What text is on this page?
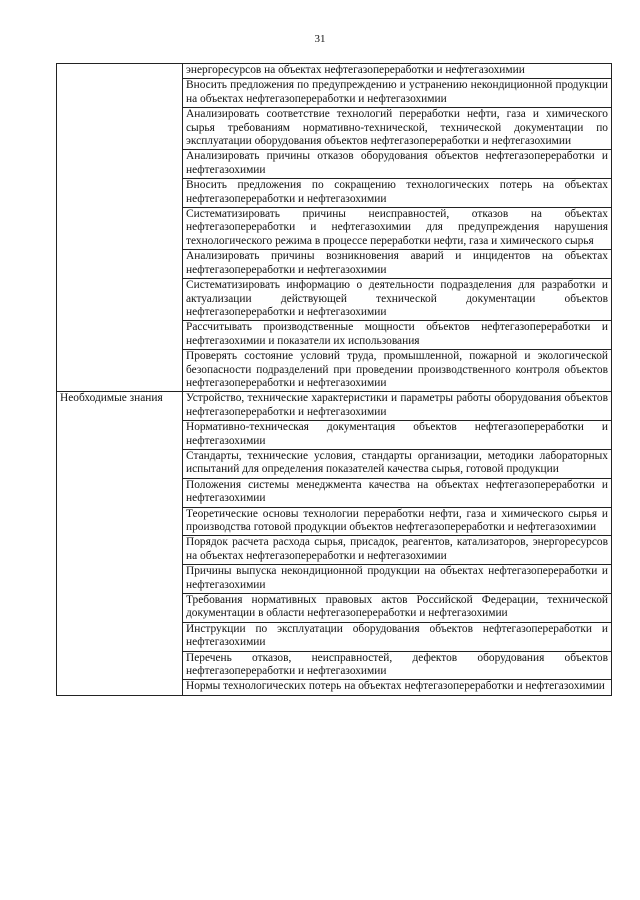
31
	энергоресурсов на объектах нефтегазопереработки и нефтегазохимии
	Вносить предложения по предупреждению и устранению некондиционной продукции на объектах нефтегазопереработки и нефтегазохимии
	Анализировать соответствие технологий переработки нефти, газа и химического сырья требованиям нормативно-технической, технической документации по эксплуатации оборудования объектов нефтегазопереработки и нефтегазохимии
	Анализировать причины отказов оборудования объектов нефтегазопереработки и нефтегазохимии
	Вносить предложения по сокращению технологических потерь на объектах нефтегазопереработки и нефтегазохимии
	Систематизировать причины неисправностей, отказов на объектах нефтегазопереработки и нефтегазохимии для предупреждения нарушения технологического режима в процессе переработки нефти, газа и химического сырья
	Анализировать причины возникновения аварий и инцидентов на объектах нефтегазопереработки и нефтегазохимии
	Систематизировать информацию о деятельности подразделения для разработки и актуализации действующей технической документации объектов нефтегазопереработки и нефтегазохимии
	Рассчитывать производственные мощности объектов нефтегазопереработки и нефтегазохимии и показатели их использования
	Проверять состояние условий труда, промышленной, пожарной и экологической безопасности подразделений при проведении производственного контроля объектов нефтегазопереработки и нефтегазохимии
Необходимые знания	Устройство, технические характеристики и параметры работы оборудования объектов нефтегазопереработки и нефтегазохимии
	Нормативно-техническая документация объектов нефтегазопереработки и нефтегазохимии
	Стандарты, технические условия, стандарты организации, методики лабораторных испытаний для определения показателей качества сырья, готовой продукции
	Положения системы менеджмента качества на объектах нефтегазопереработки и нефтегазохимии
	Теоретические основы технологии переработки нефти, газа и химического сырья и производства готовой продукции объектов нефтегазопереработки и нефтегазохимии
	Порядок расчета расхода сырья, присадок, реагентов, катализаторов, энергоресурсов на объектах нефтегазопереработки и нефтегазохимии
	Причины выпуска некондиционной продукции на объектах нефтегазопереработки и нефтегазохимии
	Требования нормативных правовых актов Российской Федерации, технической документации в области нефтегазопереработки и нефтегазохимии
	Инструкции по эксплуатации оборудования объектов нефтегазопереработки и нефтегазохимии
	Перечень отказов, неисправностей, дефектов оборудования объектов нефтегазопереработки и нефтегазохимии
	Нормы технологических потерь на объектах нефтегазопереработки и нефтегазохимии
